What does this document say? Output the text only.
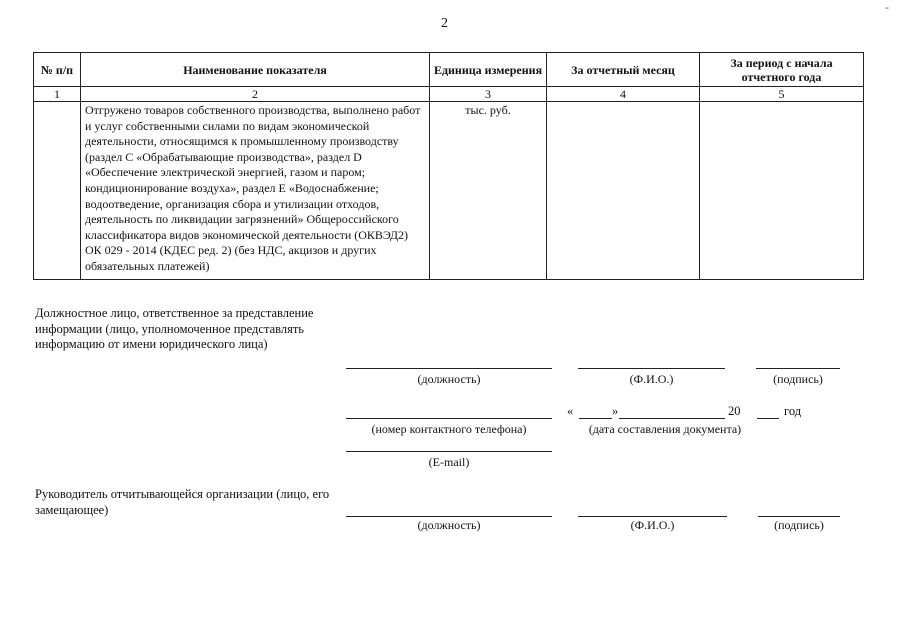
2
-
№ п/п	Наименование показателя	Единица измерения	За отчетный месяц	За период с начала отчетного года
1	2	3	4	5
	Отгружено товаров собственного производства, выполнено работ и услуг собственными силами по видам экономической деятельности, относящимся к промышленному производству (раздел C «Обрабатывающие производства», раздел D «Обеспечение электрической энергией, газом и паром; кондиционирование воздуха», раздел E «Водоснабжение; водоотведение, организация сбора и утилизации отходов, деятельность по ликвидации загрязнений» Общероссийского классификатора видов экономической деятельности (ОКВЭД2) ОК 029 - 2014 (КДЕС ред. 2) (без НДС, акцизов и других обязательных платежей)	тыс. руб.		
Должностное лицо, ответственное за представление информации (лицо, уполномоченное представлять информацию от имени юридического лица)
(должность)	(Ф.И.О.)	(подпись)
«	»	20	год
(номер контактного телефона)	(дата составления документа)
(E-mail)
Руководитель отчитывающейся организации (лицо, его замещающее)
(должность)	(Ф.И.О.)	(подпись)
